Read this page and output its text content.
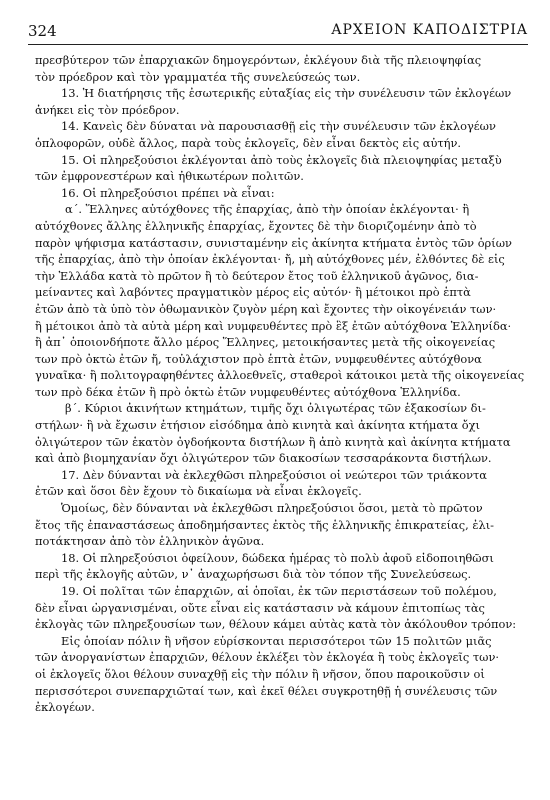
324	ΑΡΧΕΙΟΝ ΚΑΠΟΔΙΣΤΡΙΑ
πρεσβύτερον τῶν ἐπαρχιακῶν δημογερόντων, ἐκλέγουν διὰ τῆς πλειοψηφίας
τὸν πρόεδρον καὶ τὸν γραμματέα τῆς συνελεύσεώς των.
13. Ἡ διατήρησις τῆς ἐσωτερικῆς εὐταξίας εἰς τὴν συνέλευσιν τῶν ἐκλογέων
ἀνήκει εἰς τὸν πρόεδρον.
14. Κανεὶς δὲν δύναται νὰ παρουσιασθῇ εἰς τὴν συνέλευσιν τῶν ἐκλογέων
ὁπλοφορῶν, οὐδὲ ἄλλος, παρὰ τοὺς ἐκλογεῖς, δὲν εἶναι δεκτὸς εἰς αὐτήν.
15. Οἱ πληρεξούσιοι ἐκλέγονται ἀπὸ τοὺς ἐκλογεῖς διὰ πλειοψηφίας μεταξὺ
τῶν ἐμφρονεστέρων καὶ ἠθικωτέρων πολιτῶν.
16. Οἱ πληρεξούσιοι πρέπει νὰ εἶναι:
α΄. Ἕλληνες αὐτόχθονες τῆς ἐπαρχίας, ἀπὸ τὴν ὁποίαν ἐκλέγονται· ἢ
αὐτόχθονες ἄλλης ἑλληνικῆς ἐπαρχίας, ἔχοντες δὲ τὴν διοριζομένην ἀπὸ τὸ
παρὸν ψήφισμα κατάστασιν, συνισταμένην εἰς ἀκίνητα κτήματα ἐντὸς τῶν ὁρίων
τῆς ἐπαρχίας, ἀπὸ τὴν ὁποίαν ἐκλέγονται· ἤ, μὴ αὐτόχθονες μέν, ἐλθόντες δὲ εἰς
τὴν Ἑλλάδα κατὰ τὸ πρῶτον ἢ τὸ δεύτερον ἔτος τοῦ ἑλληνικοῦ ἀγῶνος, δια-
μείναντες καὶ λαβόντες πραγματικὸν μέρος εἰς αὐτόν· ἢ μέτοικοι πρὸ ἑπτὰ
ἐτῶν ἀπὸ τὰ ὑπὸ τὸν ὀθωμανικὸν ζυγὸν μέρη καὶ ἔχοντες τὴν οἰκογένειάν των·
ἢ μέτοικοι ἀπὸ τὰ αὐτὰ μέρη καὶ νυμφευθέντες πρὸ ἓξ ἐτῶν αὐτόχθονα Ἑλληνίδα·
ἢ ἀπ᾽ ὁποιονδήποτε ἄλλο μέρος Ἕλληνες, μετοικήσαντες μετὰ τῆς οἰκογενείας
των πρὸ ὀκτὼ ἐτῶν ἤ, τοὐλάχιστον πρὸ ἑπτὰ ἐτῶν, νυμφευθέντες αὐτόχθονα
γυναῖκα· ἢ πολιτογραφηθέντες ἀλλοεθνεῖς, σταθεροὶ κάτοικοι μετὰ τῆς οἰκογενείας
των πρὸ δέκα ἐτῶν ἢ πρὸ ὀκτὼ ἐτῶν νυμφευθέντες αὐτόχθονα Ἑλληνίδα.
β΄. Κύριοι ἀκινήτων κτημάτων, τιμῆς ὄχι ὀλιγωτέρας τῶν ἑξακοσίων δι-
στήλων· ἢ νὰ ἔχωσιν ἐτήσιον εἰσόδημα ἀπὸ κινητὰ καὶ ἀκίνητα κτήματα ὄχι
ὀλιγώτερον τῶν ἑκατὸν ὀγδοήκοντα διστήλων ἢ ἀπὸ κινητὰ καὶ ἀκίνητα κτήματα
καὶ ἀπὸ βιομηχανίαν ὄχι ὀλιγώτερον τῶν διακοσίων τεσσαράκοντα διστήλων.
17. Δὲν δύνανται νὰ ἐκλεχθῶσι πληρεξούσιοι οἱ νεώτεροι τῶν τριάκοντα
ἐτῶν καὶ ὅσοι δὲν ἔχουν τὸ δικαίωμα νὰ εἶναι ἐκλογεῖς.
Ὁμοίως, δὲν δύνανται νὰ ἐκλεχθῶσι πληρεξούσιοι ὅσοι, μετὰ τὸ πρῶτον
ἔτος τῆς ἐπαναστάσεως ἀποδημήσαντες ἐκτὸς τῆς ἑλληνικῆς ἐπικρατείας, ἐλι-
ποτάκτησαν ἀπὸ τὸν ἑλληνικὸν ἀγῶνα.
18. Οἱ πληρεξούσιοι ὀφείλουν, δώδεκα ἡμέρας τὸ πολὺ ἀφοῦ εἰδοποιηθῶσι
περὶ τῆς ἐκλογῆς αὐτῶν, ν᾽ ἀναχωρήσωσι διὰ τὸν τόπον τῆς Συνελεύσεως.
19. Οἱ πολῖται τῶν ἐπαρχιῶν, αἱ ὁποῖαι, ἐκ τῶν περιστάσεων τοῦ πολέμου,
δὲν εἶναι ὠργανισμέναι, οὔτε εἶναι εἰς κατάστασιν νὰ κάμουν ἐπιτοπίως τὰς
ἐκλογὰς τῶν πληρεξουσίων των, θέλουν κάμει αὐτὰς κατὰ τὸν ἀκόλουθον τρόπον:
Εἰς ὁποίαν πόλιν ἢ νῆσον εὑρίσκονται περισσότεροι τῶν 15 πολιτῶν μιᾶς
τῶν ἀνοργανίστων ἐπαρχιῶν, θέλουν ἐκλέξει τὸν ἐκλογέα ἢ τοὺς ἐκλογεῖς των·
οἱ ἐκλογεῖς ὅλοι θέλουν συναχθῇ εἰς τὴν πόλιν ἢ νῆσον, ὅπου παροικοῦσιν οἱ
περισσότεροι συνεπαρχιῶταί των, καὶ ἐκεῖ θέλει συγκροτηθῇ ἡ συνέλευσις τῶν
ἐκλογέων.
